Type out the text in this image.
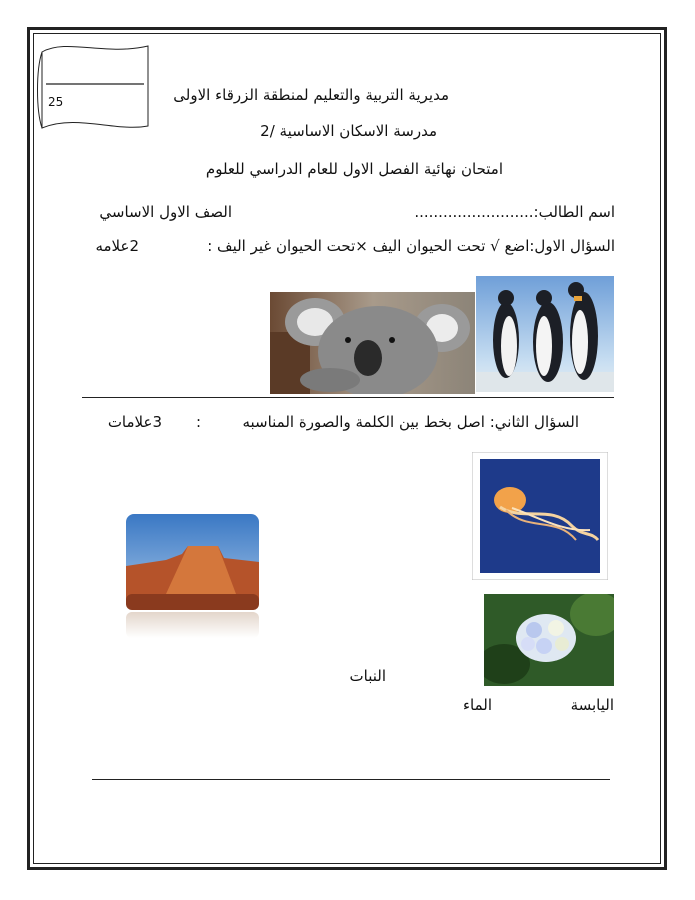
25	مديرية التربية والتعليم لمنطقة الزرقاء الاولى
مدرسة الاسكان الاساسية /2
امتحان نهائية الفصل الاول للعام الدراسي للعلوم
اسم الطالب:.........................
الصف الاول الاساسي
السؤال الاول:اضع √ تحت الحيوان اليف ×تحت الحيوان غير اليف :
2علامه
السؤال الثاني: اصل بخط بين الكلمة والصورة المناسبه
:
3علامات
النبات
اليابسة
الماء
